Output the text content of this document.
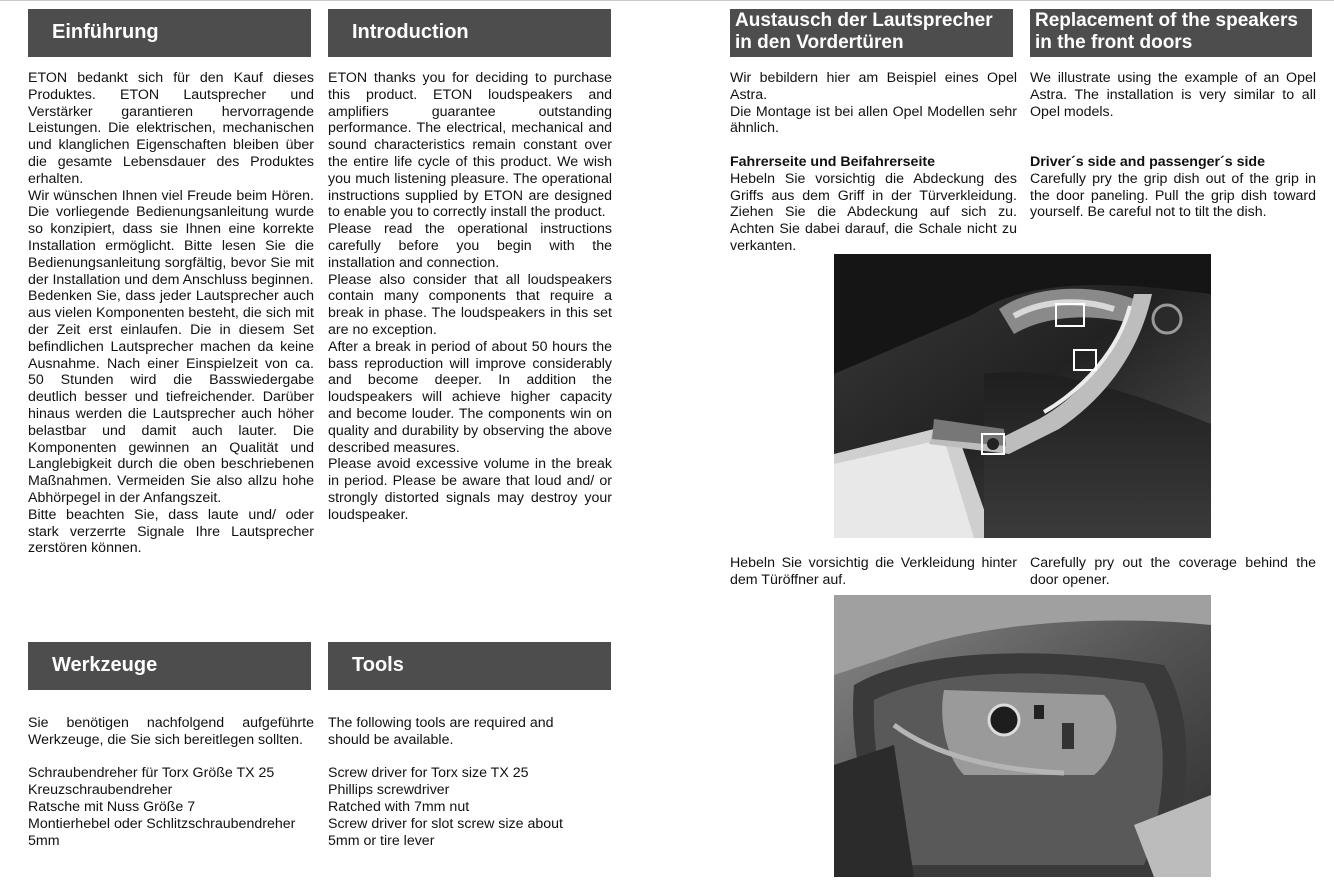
Einführung

ETON bedankt sich für den Kauf dieses Produktes. ETON Lautsprecher und Verstärker garantieren hervorragende Leistungen. Die elektrischen, mechanischen und klanglichen Eigenschaften bleiben über die gesamte Lebensdauer des Produktes erhalten.

Wir wünschen Ihnen viel Freude beim Hören. Die vorliegende Bedienungsanleitung wurde so konzipiert, dass sie Ihnen eine korrekte Installation ermöglicht. Bitte lesen Sie die Bedienungsanleitung sorgfältig, bevor Sie mit der Installation und dem Anschluss beginnen.

Bedenken Sie, dass jeder Lautsprecher auch aus vielen Komponenten besteht, die sich mit der Zeit erst einlaufen. Die in diesem Set befindlichen Lautsprecher machen da keine Ausnahme. Nach einer Einspielzeit von ca. 50 Stunden wird die Basswiedergabe deutlich besser und tiefreichender. Darüber hinaus werden die Lautsprecher auch höher belastbar und damit auch lauter. Die Komponenten gewinnen an Qualität und Langlebigkeit durch die oben beschriebenen Maßnahmen. Vermeiden Sie also allzu hohe Abhörpegel in der Anfangszeit.

Bitte beachten Sie, dass laute und/ oder stark verzerrte Signale Ihre Lautsprecher zerstören können.

Introduction

ETON thanks you for deciding to purchase this product. ETON loudspeakers and amplifiers guarantee outstanding performance. The electrical, mechanical and sound characteristics remain constant over the entire life cycle of this product. We wish you much listening pleasure. The operational instructions supplied by ETON are designed to enable you to correctly install the product.

Please read the operational instructions carefully before you begin with the installation and connection.

Please also consider that all loudspeakers contain many components that require a break in phase. The loudspeakers in this set are no exception.

After a break in period of about 50 hours the bass reproduction will improve considerably and become deeper. In addition the loudspeakers will achieve higher capacity and become louder. The components win on quality and durability by observing the above described measures.

Please avoid excessive volume in the break in period. Please be aware that loud and/ or strongly distorted signals may destroy your loudspeaker.

Werkzeuge

Sie benötigen nachfolgend aufgeführte Werkzeuge, die Sie sich bereitlegen sollten.

Schraubendreher für Torx Größe TX 25

Kreuzschraubendreher

Ratsche mit Nuss Größe 7

Montierhebel oder Schlitzschraubendreher 5mm

Tools

The following tools are required and should be available.

Screw driver for Torx size TX 25

Phillips screwdriver

Ratched with 7mm nut

Screw driver for slot screw size about 5mm or tire lever

Austausch der Lautsprecher
in den Vordertüren

Wir bebildern hier am Beispiel eines Opel Astra.

Die Montage ist bei allen Opel Modellen sehr ähnlich.

Fahrerseite und Beifahrerseite

Hebeln Sie vorsichtig die Abdeckung des Griffs aus dem Griff in der Türverkleidung. Ziehen Sie die Abdeckung auf sich zu. Achten Sie dabei darauf, die Schale nicht zu verkanten.

Hebeln Sie vorsichtig die Verkleidung hinter dem Türöffner auf.

Replacement of the speakers
in the front doors

We illustrate using the example of an Opel Astra. The installation is very similar to all Opel models.

Driver´s side and passenger´s side

Carefully pry the grip dish out of the grip in the door paneling. Pull the grip dish toward yourself. Be careful not to tilt the dish.

Carefully pry out the coverage behind the door opener.
